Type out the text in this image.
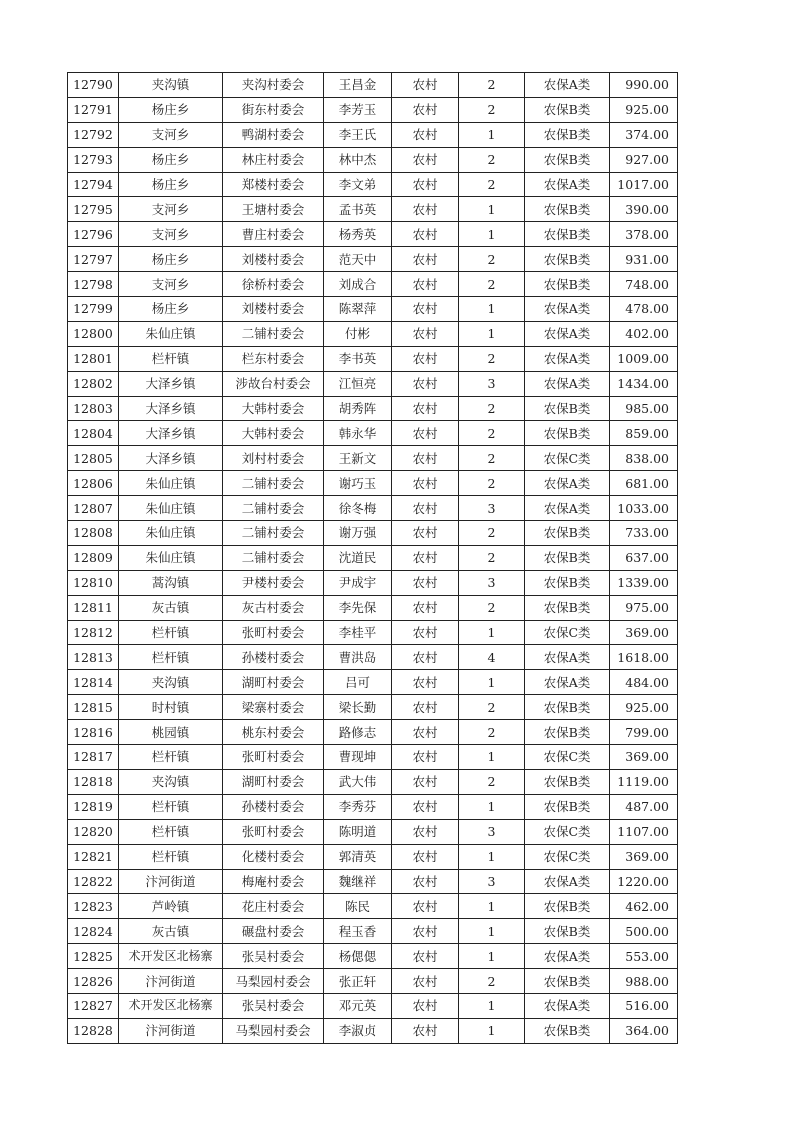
12790	夹沟镇	夹沟村委会	王昌金	农村	2	农保A类	990.00
12791	杨庄乡	街东村委会	李芳玉	农村	2	农保B类	925.00
12792	支河乡	鸭湖村委会	李王氏	农村	1	农保B类	374.00
12793	杨庄乡	林庄村委会	林中杰	农村	2	农保B类	927.00
12794	杨庄乡	郑楼村委会	李文弟	农村	2	农保A类	1017.00
12795	支河乡	王塘村委会	孟书英	农村	1	农保B类	390.00
12796	支河乡	曹庄村委会	杨秀英	农村	1	农保B类	378.00
12797	杨庄乡	刘楼村委会	范天中	农村	2	农保B类	931.00
12798	支河乡	徐桥村委会	刘成合	农村	2	农保B类	748.00
12799	杨庄乡	刘楼村委会	陈翠萍	农村	1	农保A类	478.00
12800	朱仙庄镇	二铺村委会	付彬	农村	1	农保A类	402.00
12801	栏杆镇	栏东村委会	李书英	农村	2	农保A类	1009.00
12802	大泽乡镇	涉故台村委会	江恒亮	农村	3	农保A类	1434.00
12803	大泽乡镇	大韩村委会	胡秀阵	农村	2	农保B类	985.00
12804	大泽乡镇	大韩村委会	韩永华	农村	2	农保B类	859.00
12805	大泽乡镇	刘村村委会	王新文	农村	2	农保C类	838.00
12806	朱仙庄镇	二铺村委会	谢巧玉	农村	2	农保A类	681.00
12807	朱仙庄镇	二铺村委会	徐冬梅	农村	3	农保A类	1033.00
12808	朱仙庄镇	二铺村委会	谢万强	农村	2	农保B类	733.00
12809	朱仙庄镇	二铺村委会	沈道民	农村	2	农保B类	637.00
12810	蒿沟镇	尹楼村委会	尹成宇	农村	3	农保B类	1339.00
12811	灰古镇	灰古村委会	李先保	农村	2	农保B类	975.00
12812	栏杆镇	张町村委会	李桂平	农村	1	农保C类	369.00
12813	栏杆镇	孙楼村委会	曹洪岛	农村	4	农保A类	1618.00
12814	夹沟镇	湖町村委会	吕可	农村	1	农保A类	484.00
12815	时村镇	梁寨村委会	梁长勤	农村	2	农保B类	925.00
12816	桃园镇	桃东村委会	路修志	农村	2	农保B类	799.00
12817	栏杆镇	张町村委会	曹现坤	农村	1	农保C类	369.00
12818	夹沟镇	湖町村委会	武大伟	农村	2	农保B类	1119.00
12819	栏杆镇	孙楼村委会	李秀芬	农村	1	农保B类	487.00
12820	栏杆镇	张町村委会	陈明道	农村	3	农保C类	1107.00
12821	栏杆镇	化楼村委会	郭清英	农村	1	农保C类	369.00
12822	汴河街道	梅庵村委会	魏继祥	农村	3	农保A类	1220.00
12823	芦岭镇	花庄村委会	陈民	农村	1	农保B类	462.00
12824	灰古镇	碾盘村委会	程玉香	农村	1	农保B类	500.00
12825	术开发区北杨寨	张吴村委会	杨偲偲	农村	1	农保A类	553.00
12826	汴河街道	马梨园村委会	张正轩	农村	2	农保B类	988.00
12827	术开发区北杨寨	张吴村委会	邓元英	农村	1	农保A类	516.00
12828	汴河街道	马梨园村委会	李淑贞	农村	1	农保B类	364.00
